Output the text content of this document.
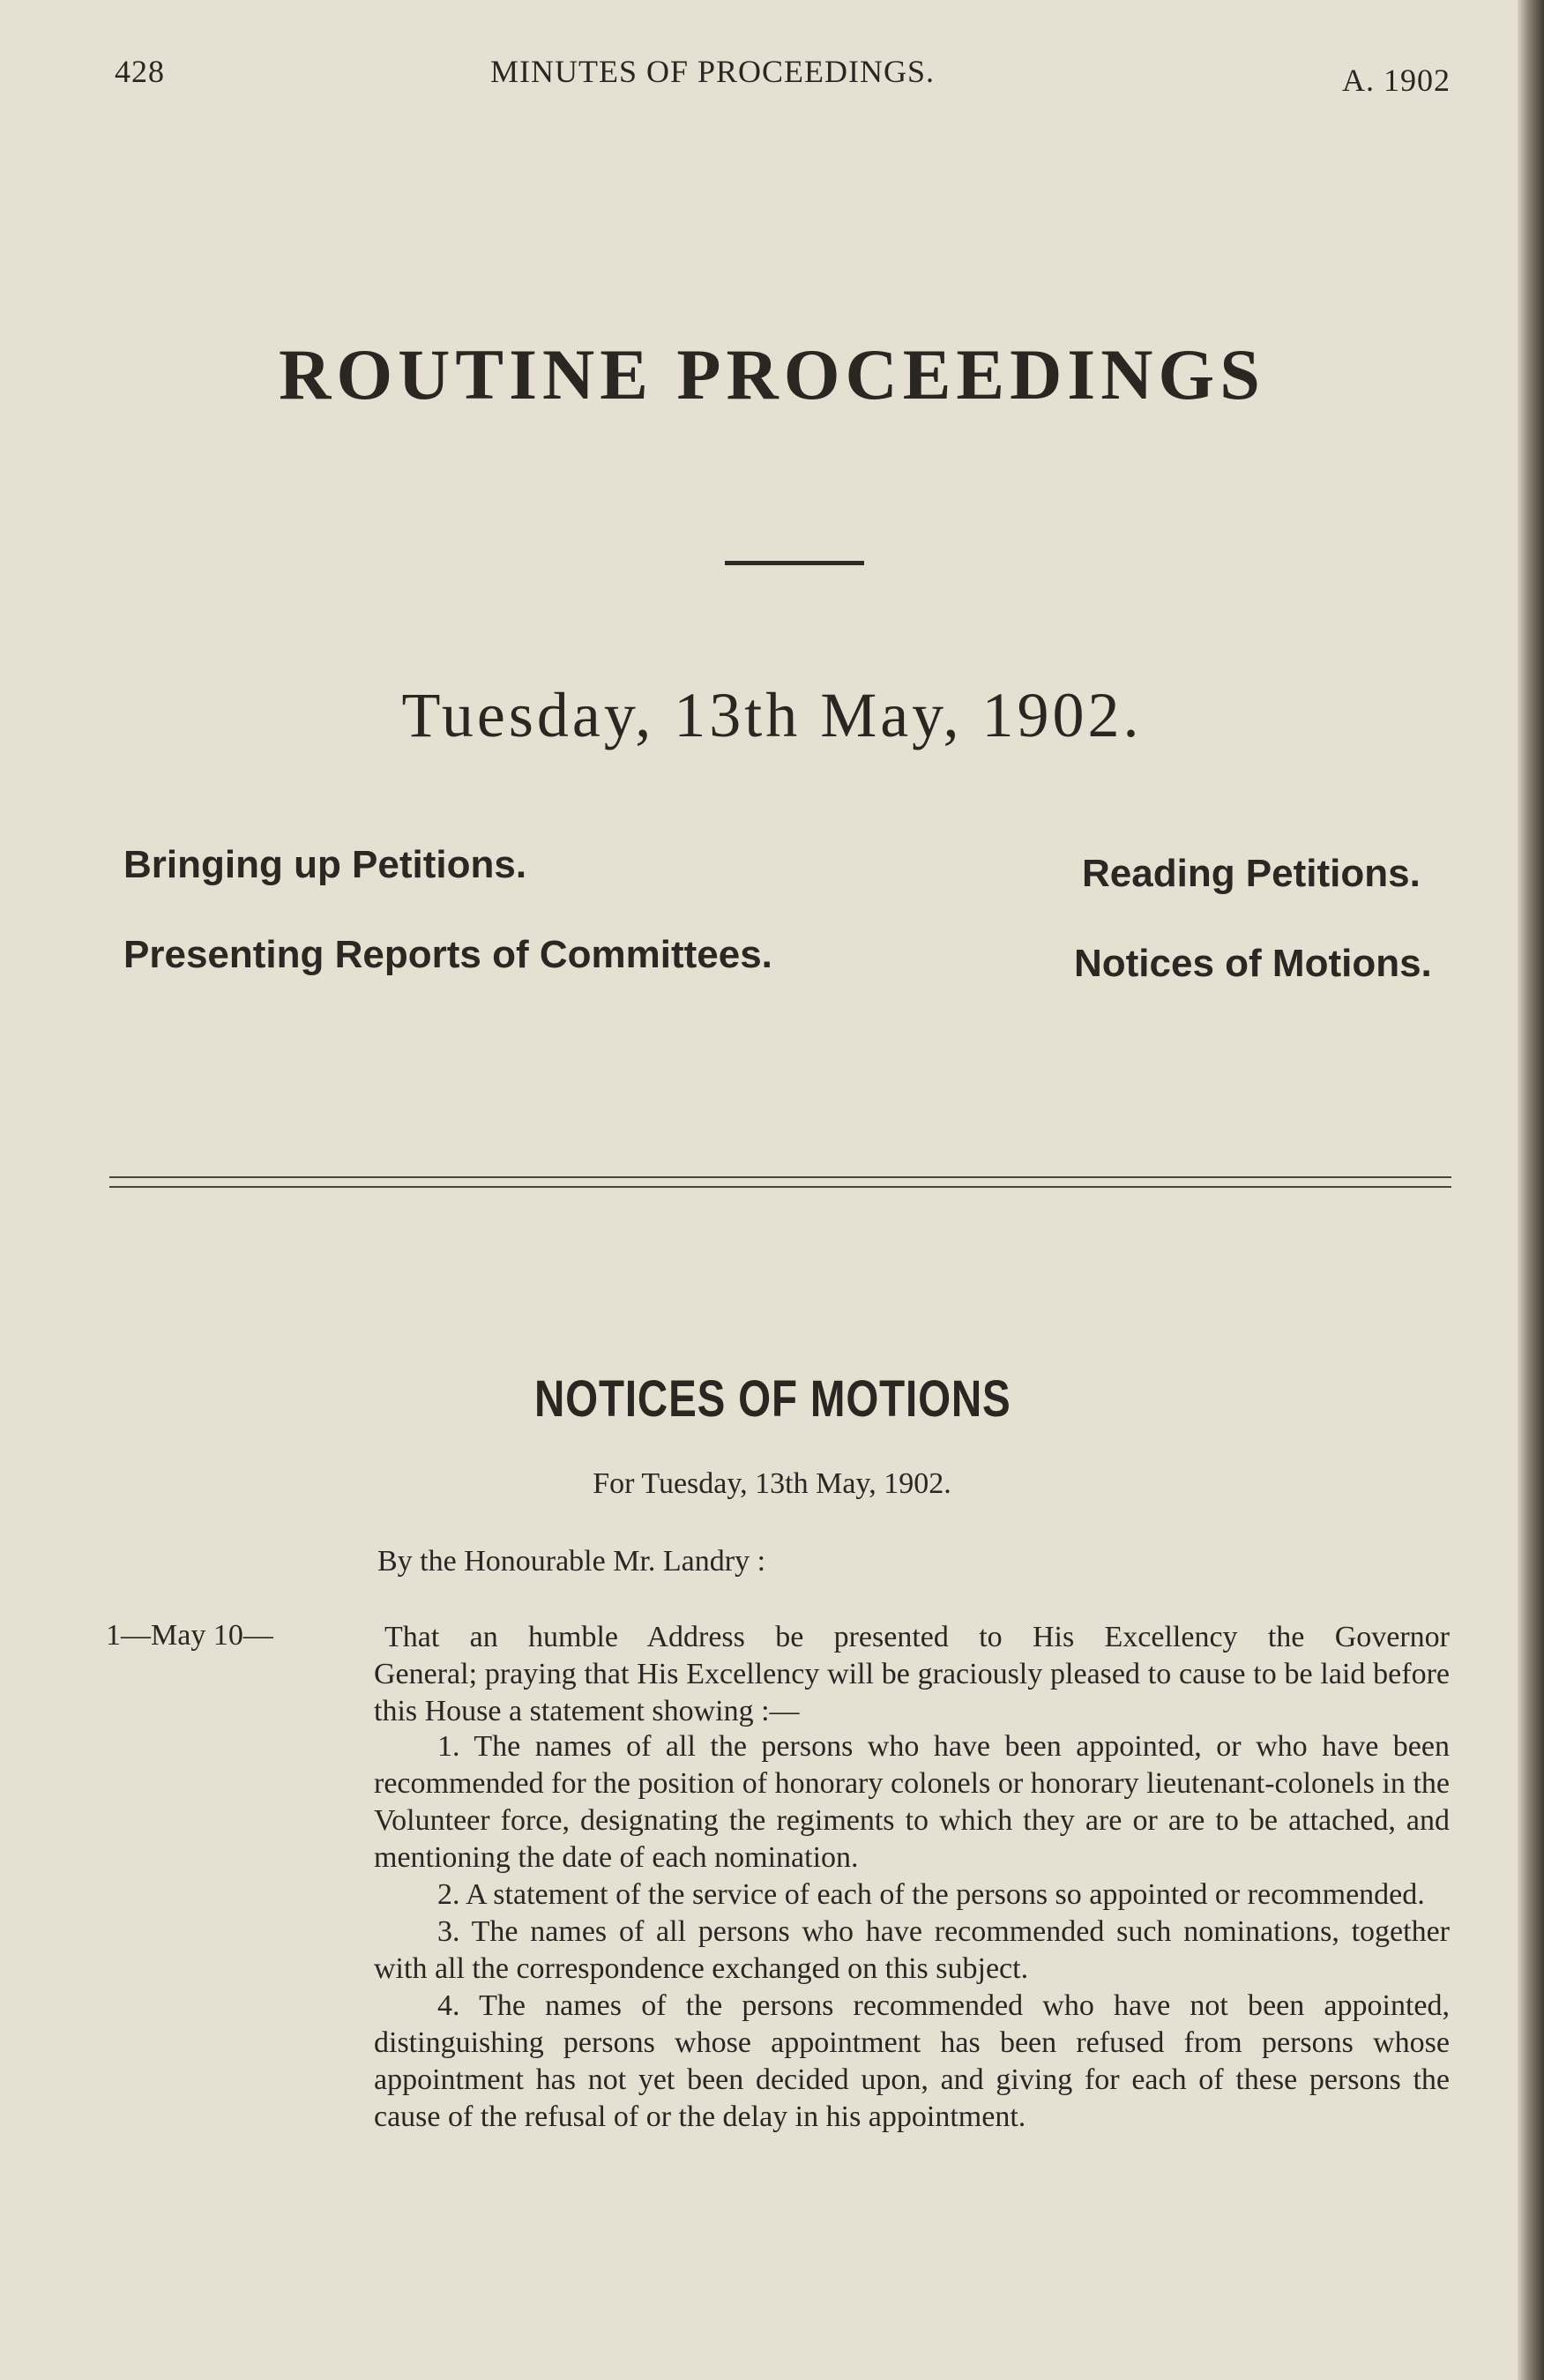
428	MINUTES OF PROCEEDINGS.	A. 1902
ROUTINE PROCEEDINGS
Tuesday, 13th May, 1902.
Bringing up Petitions.	Reading Petitions.
Presenting Reports of Committees.	Notices of Motions.
NOTICES OF MOTIONS
For Tuesday, 13th May, 1902.
By the Honourable Mr. Landry :
1—May 10—	That an humble Address be presented to His Excellency the Governor

General; praying that His Excellency will be graciously pleased to cause to be laid before this House a statement showing :—

1. The names of all the persons who have been appointed, or who have been recommended for the position of honorary colonels or honorary lieutenant-colonels in the Volunteer force, designating the regiments to which they are or are to be attached, and mentioning the date of each nomination.

2. A statement of the service of each of the persons so appointed or recommended.

3. The names of all persons who have recommended such nominations, together with all the correspondence exchanged on this subject.

4. The names of the persons recommended who have not been appointed, distinguishing persons whose appointment has been refused from persons whose appointment has not yet been decided upon, and giving for each of these persons the cause of the refusal of or the delay in his appointment.
